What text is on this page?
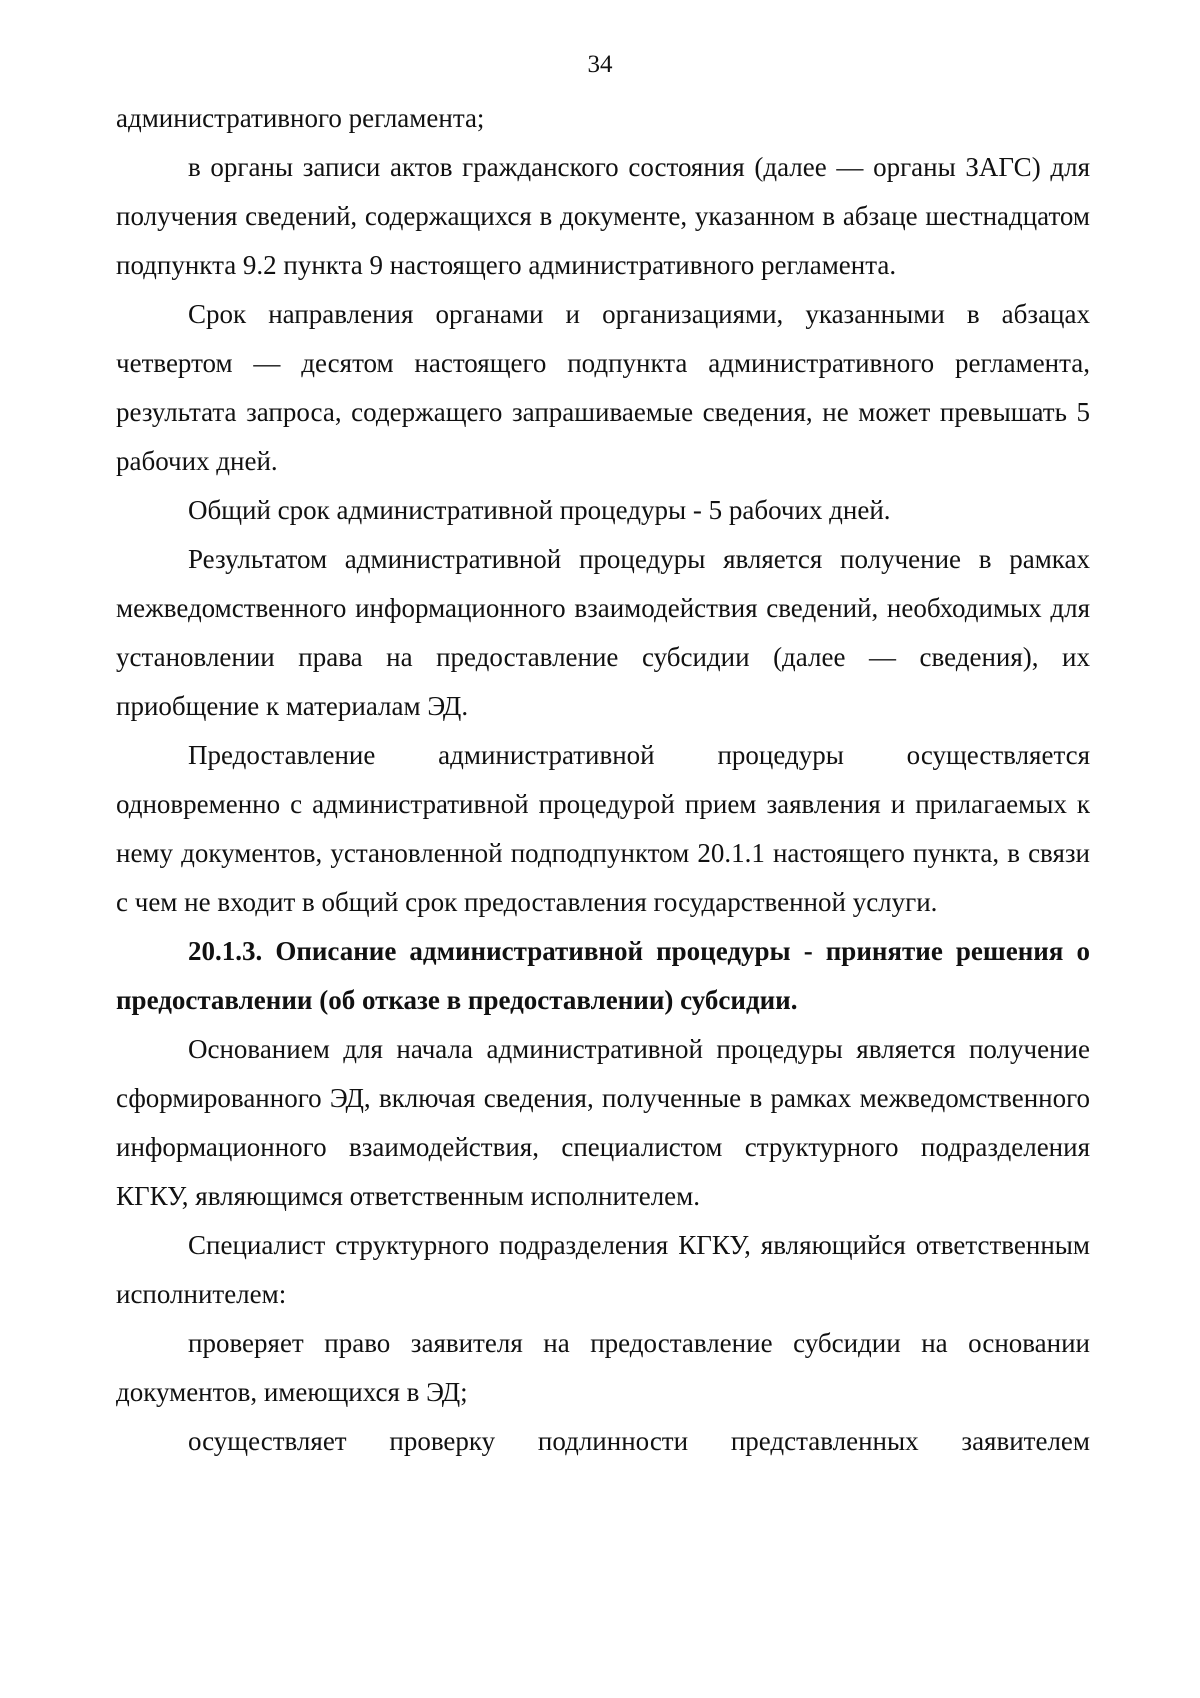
34

административного регламента;

в органы записи актов гражданского состояния (далее — органы ЗАГС) для получения сведений, содержащихся в документе, указанном в абзаце шестнадцатом подпункта 9.2 пункта 9 настоящего административного регламента.

Срок направления органами и организациями, указанными в абзацах четвертом — десятом настоящего подпункта административного регламента, результата запроса, содержащего запрашиваемые сведения, не может превышать 5 рабочих дней.

Общий срок административной процедуры - 5 рабочих дней.

Результатом административной процедуры является получение в рамках межведомственного информационного взаимодействия сведений, необходимых для установлении права на предоставление субсидии (далее — сведения), их приобщение к материалам ЭД.

Предоставление административной процедуры осуществляется одновременно с административной процедурой прием заявления и прилагаемых к нему документов, установленной подподпунктом 20.1.1 настоящего пункта, в связи с чем не входит в общий срок предоставления государственной услуги.

20.1.3. Описание административной процедуры - принятие решения о предоставлении (об отказе в предоставлении) субсидии.

Основанием для начала административной процедуры является получение сформированного ЭД, включая сведения, полученные в рамках межведомственного информационного взаимодействия, специалистом структурного подразделения КГКУ, являющимся ответственным исполнителем.

Специалист структурного подразделения КГКУ, являющийся ответственным исполнителем:

проверяет право заявителя на предоставление субсидии на основании документов, имеющихся в ЭД;

осуществляет проверку подлинности представленных заявителем
